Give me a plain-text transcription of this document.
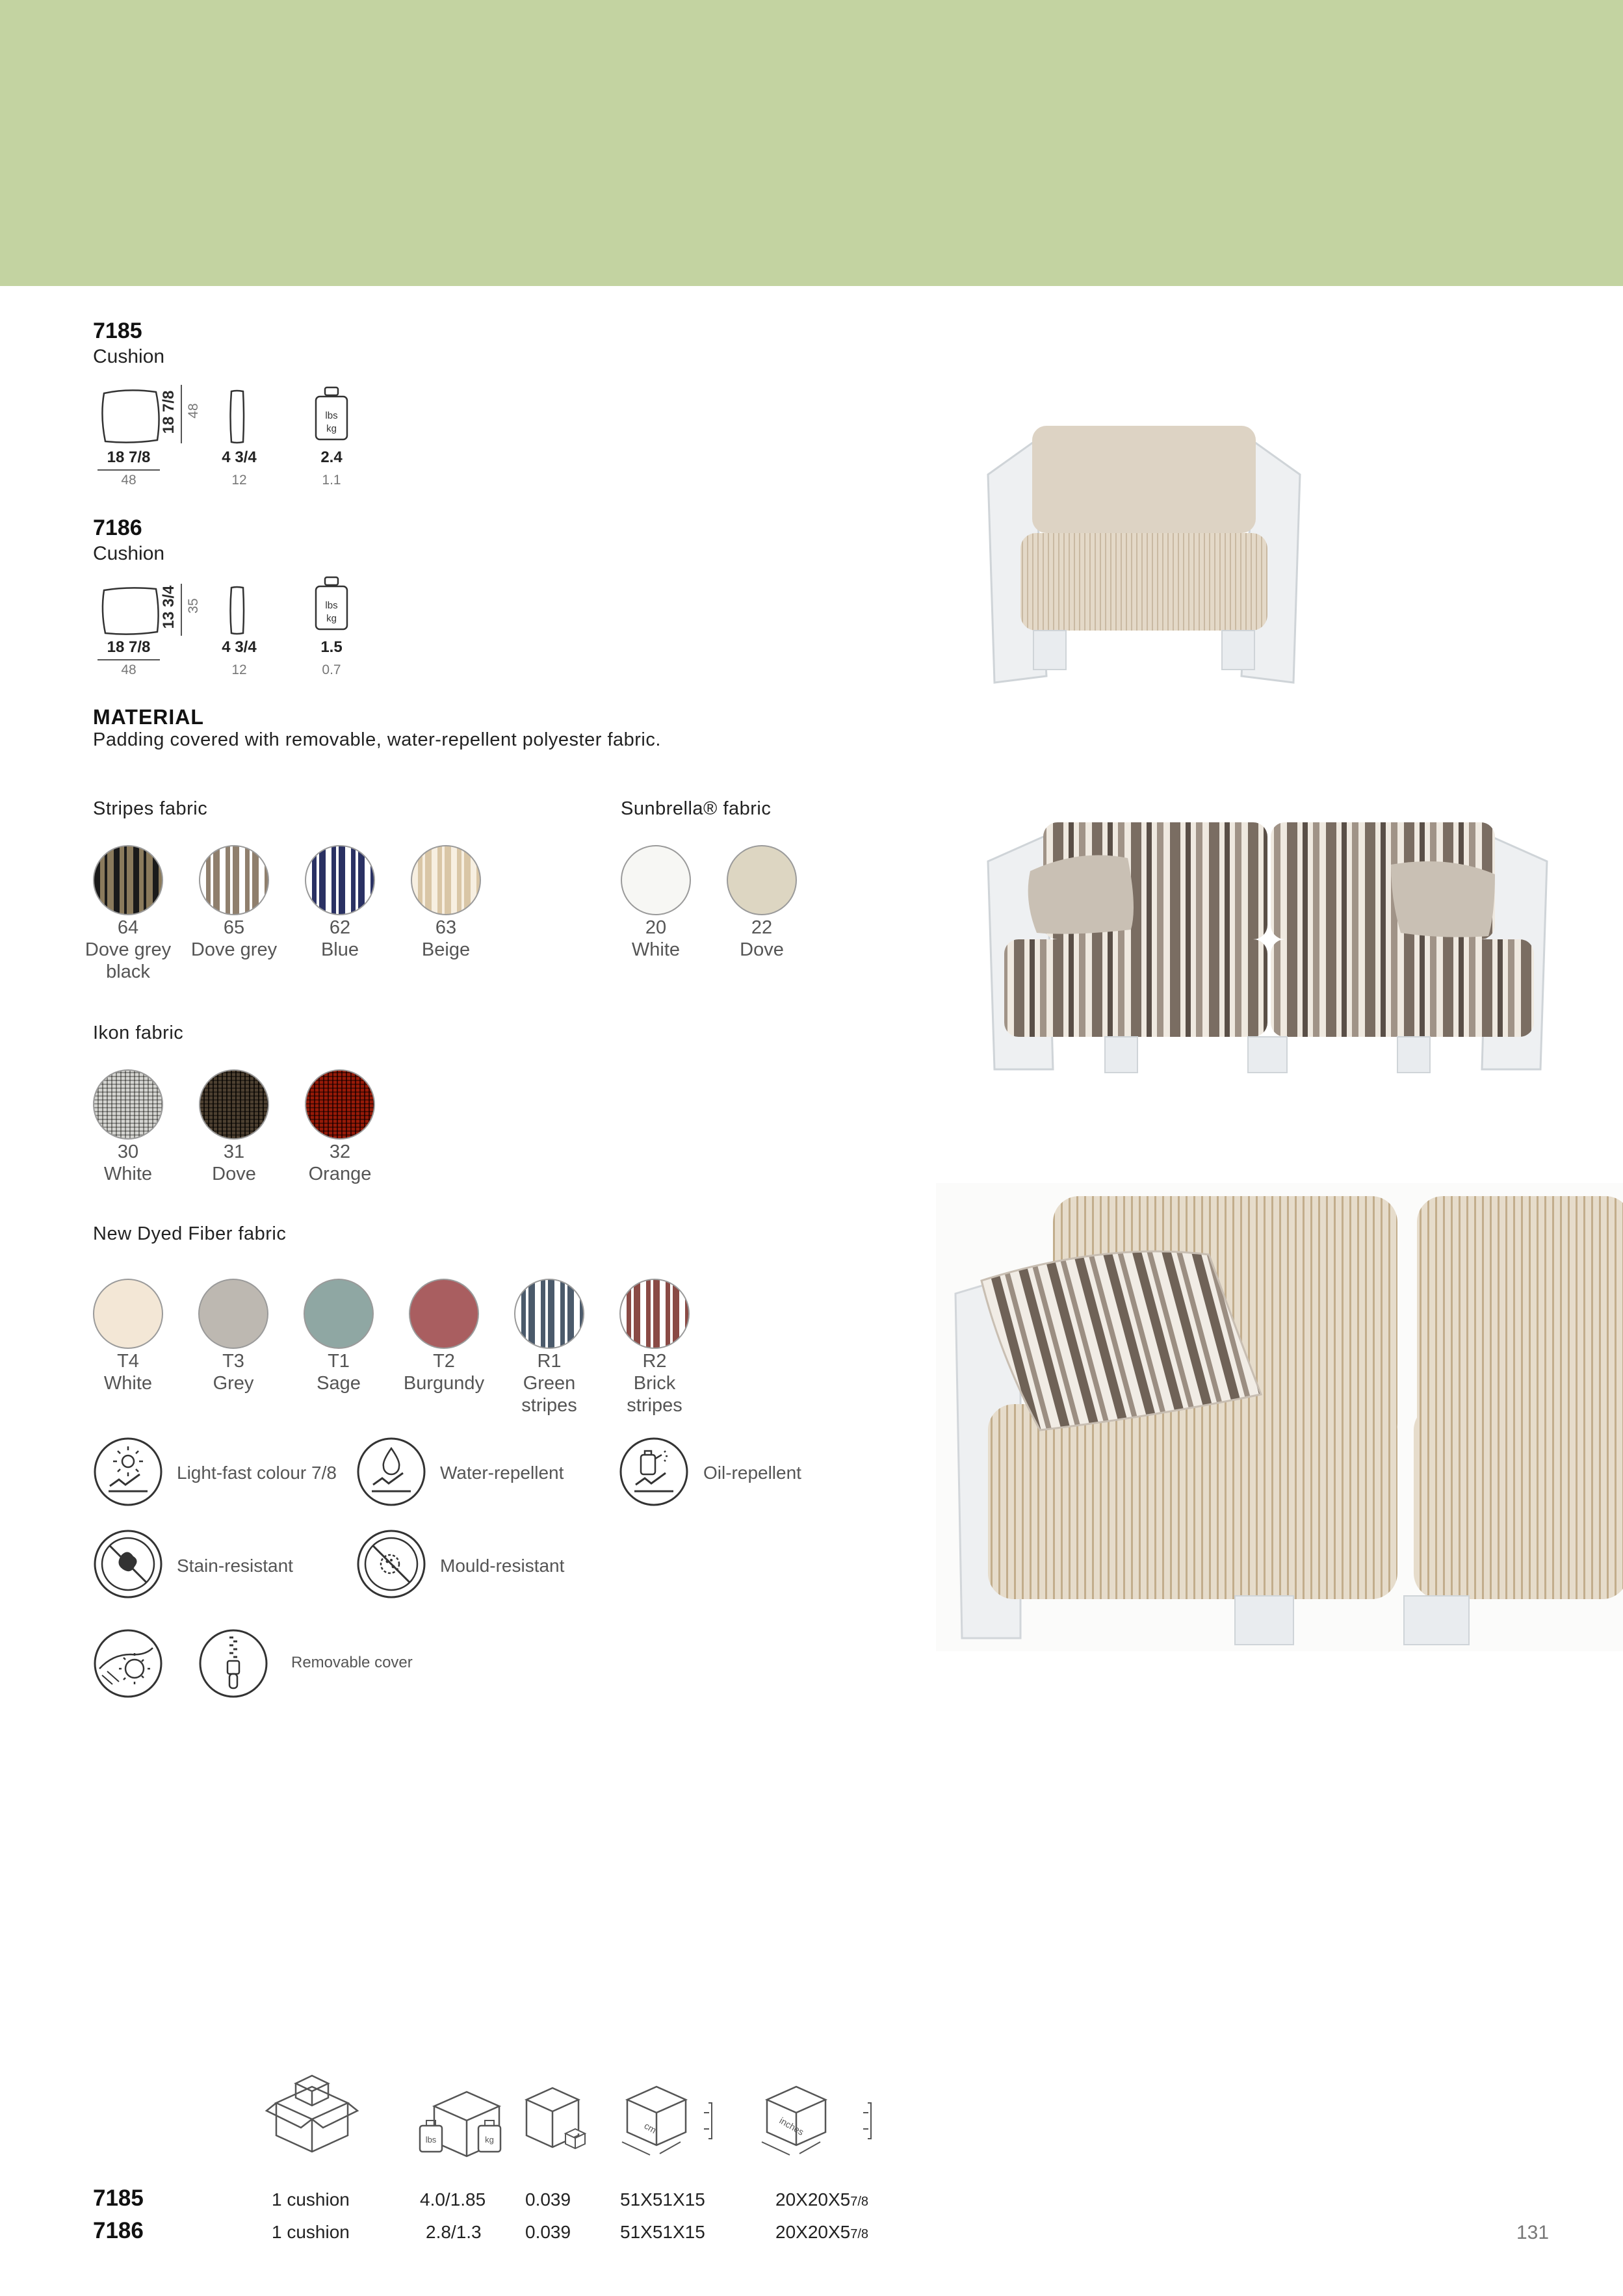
7185
Cushion
18 7/8 48	lbs
kg
18 7/8
48
4 3/4
12
2.4
1.1
7186
Cushion
13 3/4 35	lbs
kg
18 7/8
48
4 3/4
12
1.5
0.7
MATERIAL
Padding covered with removable, water-repellent polyester fabric.
Stripes fabric	Sunbrella® fabric
Ikon fabric
New Dyed Fiber fabric
64
Dove grey black
65
Dove grey
62
Blue
63
Beige
20
White
22
Dove
30
White
31
Dove
32
Orange
T4
White
T3
Grey
T1
Sage
T2
Burgundy
R1
Green stripes
R2
Brick stripes
Light-fast colour 7/8	Water-repellent	Oil-repellent
Stain-resistant	Mould-resistant
Removable cover
lbs	kg
cm	inches
7185	1 cushion	4.0/1.85 0.039	51X51X15	20X20X57/8
7186	1 cushion	2.8/1.3 0.039	51X51X15	20X20X57/8	131
